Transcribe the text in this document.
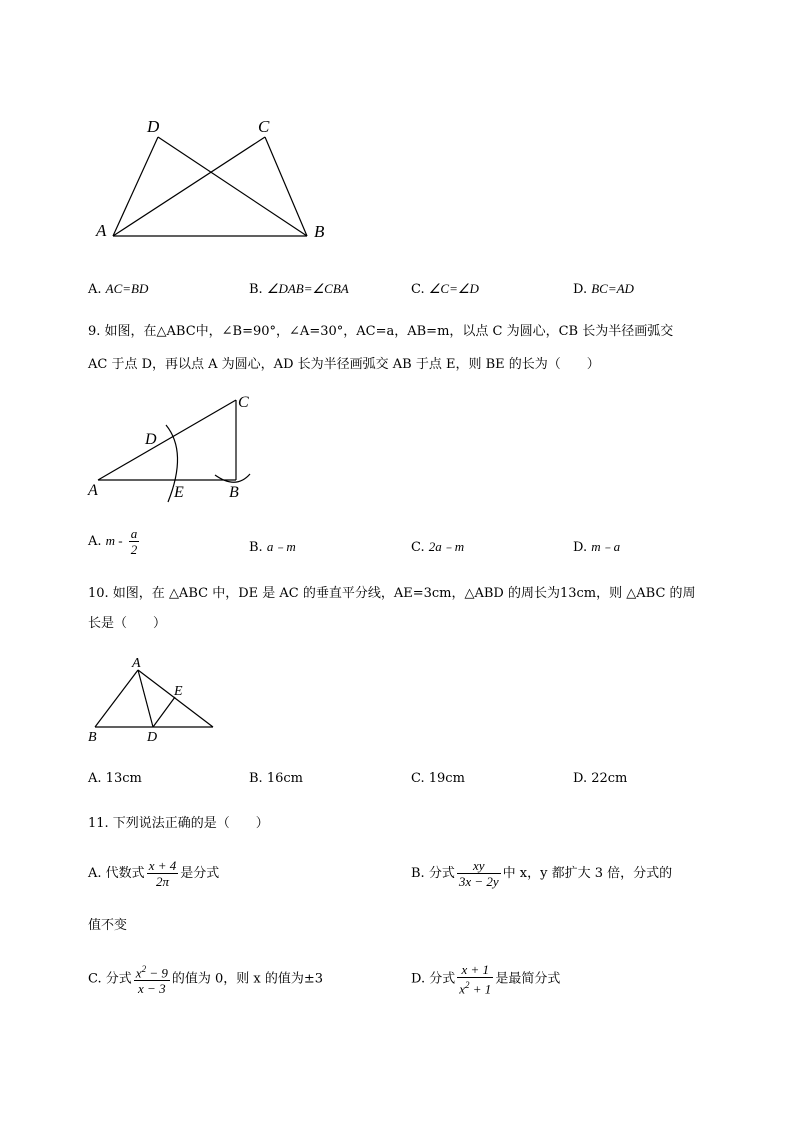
D	C
A	B
A. AC=BD	B. ∠DAB=∠CBA	C. ∠C=∠D	D. BC=AD
9. 如图，在△ABC中，∠B=90°，∠A=30°，AC=a，AB=m，以点 C 为圆心，CB 长为半径画弧交
AC 于点 D，再以点 A 为圆心，AD 长为半径画弧交 AB 于点 E，则 BE 的长为（　　）
C
D
A	E	B
A. m - $\frac{a}{2}$	B. a﹣m	C. 2a﹣m	D. m﹣a
10. 如图，在 △ABC 中，DE 是 AC 的垂直平分线，AE=3cm，△ABD 的周长为13cm，则 △ABC 的周
长是（　　）
A
E
B	D
A. 13cm	B. 16cm	C. 19cm	D. 22cm
11. 下列说法正确的是（　　）
A. 代数式 $\frac{x + 4}{2\pi}$ 是分式	B. 分式 $\frac{xy}{3x - 2y}$ 中 x，y 都扩大 3 倍，分式的
值不变
C. 分式 $\frac{x^2 - 9}{x - 3}$ 的值为 0，则 x 的值为±3	D. 分式 $\frac{x + 1}{x^2 + 1}$ 是最简分式
